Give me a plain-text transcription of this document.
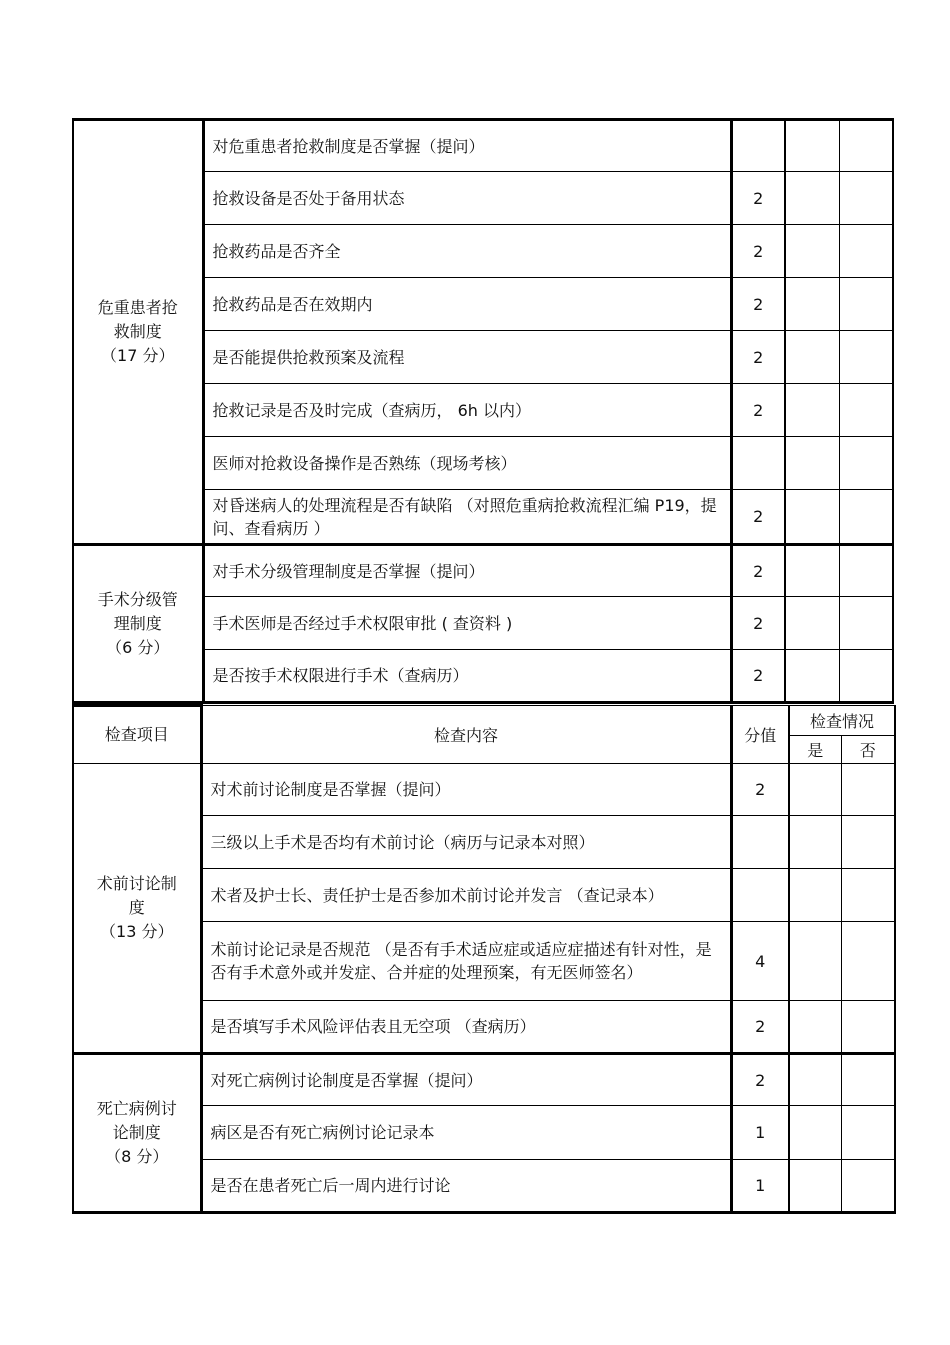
危重患者抢
救制度
（17 分）	对危重患者抢救制度是否掌握（提问）			
	抢救设备是否处于备用状态	2		
	抢救药品是否齐全	2		
	抢救药品是否在效期内	2		
	是否能提供抢救预案及流程	2		
	抢救记录是否及时完成（查病历， 6h 以内）	2		
	医师对抢救设备操作是否熟练（现场考核）			
	对昏迷病人的处理流程是否有缺陷 （对照危重病抢救流程汇编 P19，提问、查看病历 ）	2		

手术分级管
理制度
（6 分）	对手术分级管理制度是否掌握（提问）	2		
	手术医师是否经过手术权限审批 ( 查资料 )	2		
	是否按手术权限进行手术（查病历）	2		
检查项目	检查内容	分值	检查情况	
			是	否

术前讨论制
度
（13 分）	对术前讨论制度是否掌握（提问）	2		
	三级以上手术是否均有术前讨论（病历与记录本对照）			
	术者及护士长、责任护士是否参加术前讨论并发言 （查记录本）			
	术前讨论记录是否规范 （是否有手术适应症或适应症描述有针对性，是否有手术意外或并发症、合并症的处理预案，有无医师签名）	4		
	是否填写手术风险评估表且无空项 （查病历）	2		

死亡病例讨
论制度
（8 分）	对死亡病例讨论制度是否掌握（提问）	2		
	病区是否有死亡病例讨论记录本	1		
	是否在患者死亡后一周内进行讨论	1		
